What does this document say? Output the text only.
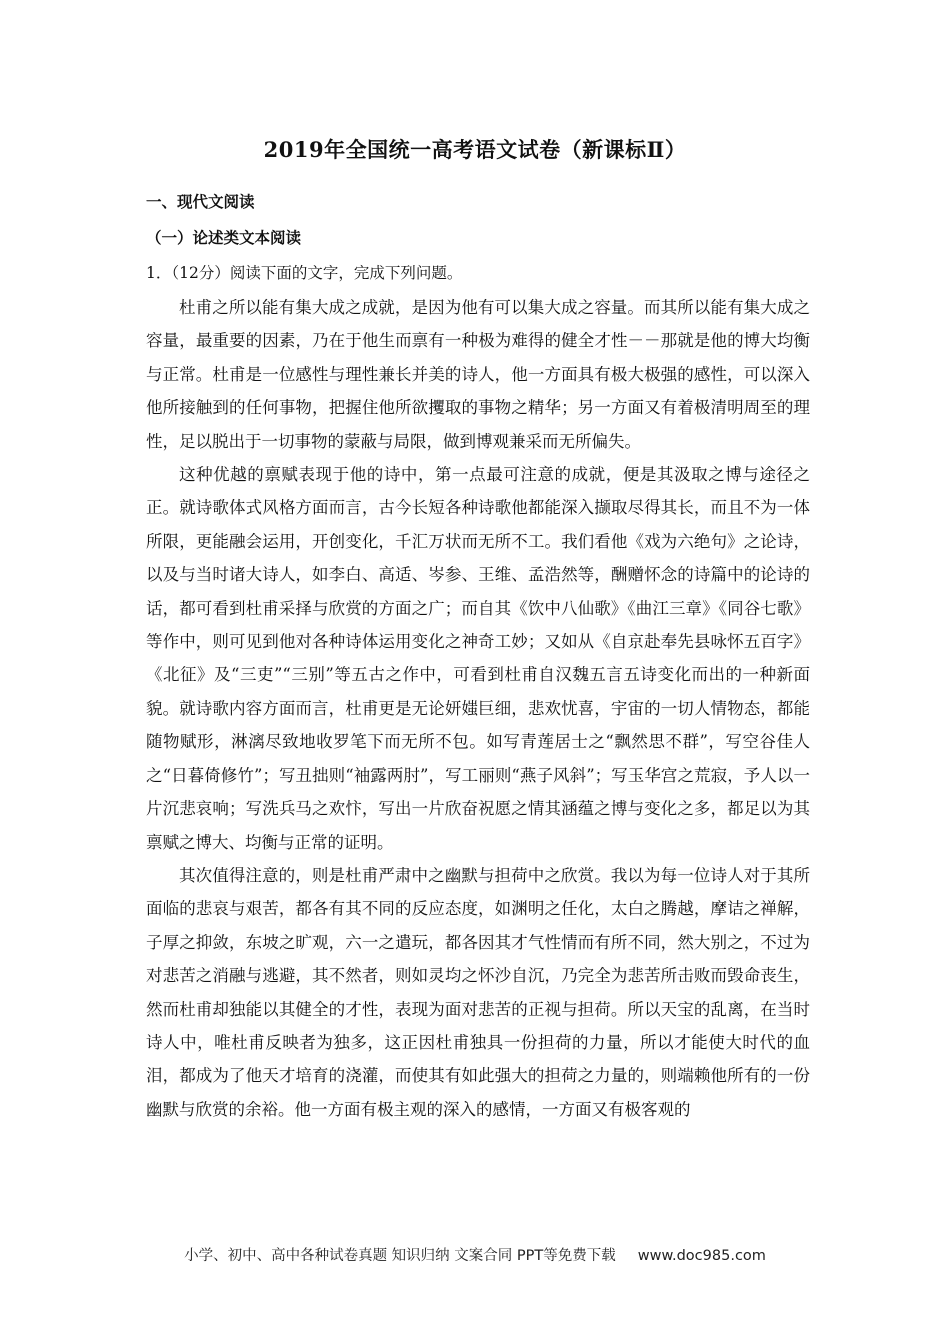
2019年全国统一高考语文试卷（新课标Ⅱ）
一、现代文阅读
（一）论述类文本阅读
1．（12分）阅读下面的文字，完成下列问题。

杜甫之所以能有集大成之成就，是因为他有可以集大成之容量。而其所以能有集大成之容量，最重要的因素，乃在于他生而禀有一种极为难得的健全才性－－那就是他的博大均衡与正常。杜甫是一位感性与理性兼长并美的诗人，他一方面具有极大极强的感性，可以深入他所接触到的任何事物，把握住他所欲攫取的事物之精华；另一方面又有着极清明周至的理性，足以脱出于一切事物的蒙蔽与局限，做到博观兼采而无所偏失。

这种优越的禀赋表现于他的诗中，第一点最可注意的成就，便是其汲取之博与途径之正。就诗歌体式风格方面而言，古今长短各种诗歌他都能深入撷取尽得其长，而且不为一体所限，更能融会运用，开创变化，千汇万状而无所不工。我们看他《戏为六绝句》之论诗，以及与当时诸大诗人，如李白、高适、岑参、王维、孟浩然等，酬赠怀念的诗篇中的论诗的话，都可看到杜甫采择与欣赏的方面之广；而自其《饮中八仙歌》《曲江三章》《同谷七歌》等作中，则可见到他对各种诗体运用变化之神奇工妙；又如从《自京赴奉先县咏怀五百字》《北征》及“三吏”“三别”等五古之作中，可看到杜甫自汉魏五言五诗变化而出的一种新面貌。就诗歌内容方面而言，杜甫更是无论妍媸巨细，悲欢忧喜，宇宙的一切人情物态，都能随物赋形，淋漓尽致地收罗笔下而无所不包。如写青莲居士之“飘然思不群”，写空谷佳人之“日暮倚修竹”；写丑拙则“袖露两肘”，写工丽则“燕子风斜”；写玉华宫之荒寂，予人以一片沉悲哀响；写洗兵马之欢忭，写出一片欣奋祝愿之情其涵蕴之博与变化之多，都足以为其禀赋之博大、均衡与正常的证明。

其次值得注意的，则是杜甫严肃中之幽默与担荷中之欣赏。我以为每一位诗人对于其所面临的悲哀与艰苦，都各有其不同的反应态度，如渊明之任化，太白之腾越，摩诘之禅解，子厚之抑敛，东坡之旷观，六一之遣玩，都各因其才气性情而有所不同，然大别之，不过为对悲苦之消融与逃避，其不然者，则如灵均之怀沙自沉，乃完全为悲苦所击败而毁命丧生，然而杜甫却独能以其健全的才性，表现为面对悲苦的正视与担荷。所以天宝的乱离，在当时诗人中，唯杜甫反映者为独多，这正因杜甫独具一份担荷的力量，所以才能使大时代的血泪，都成为了他天才培育的浇灌，而使其有如此强大的担荷之力量的，则端赖他所有的一份幽默与欣赏的余裕。他一方面有极主观的深入的感情，一方面又有极客观的

小学、初中、高中各种试卷真题 知识归纳 文案合同 PPT等免费下载 www.doc985.com
